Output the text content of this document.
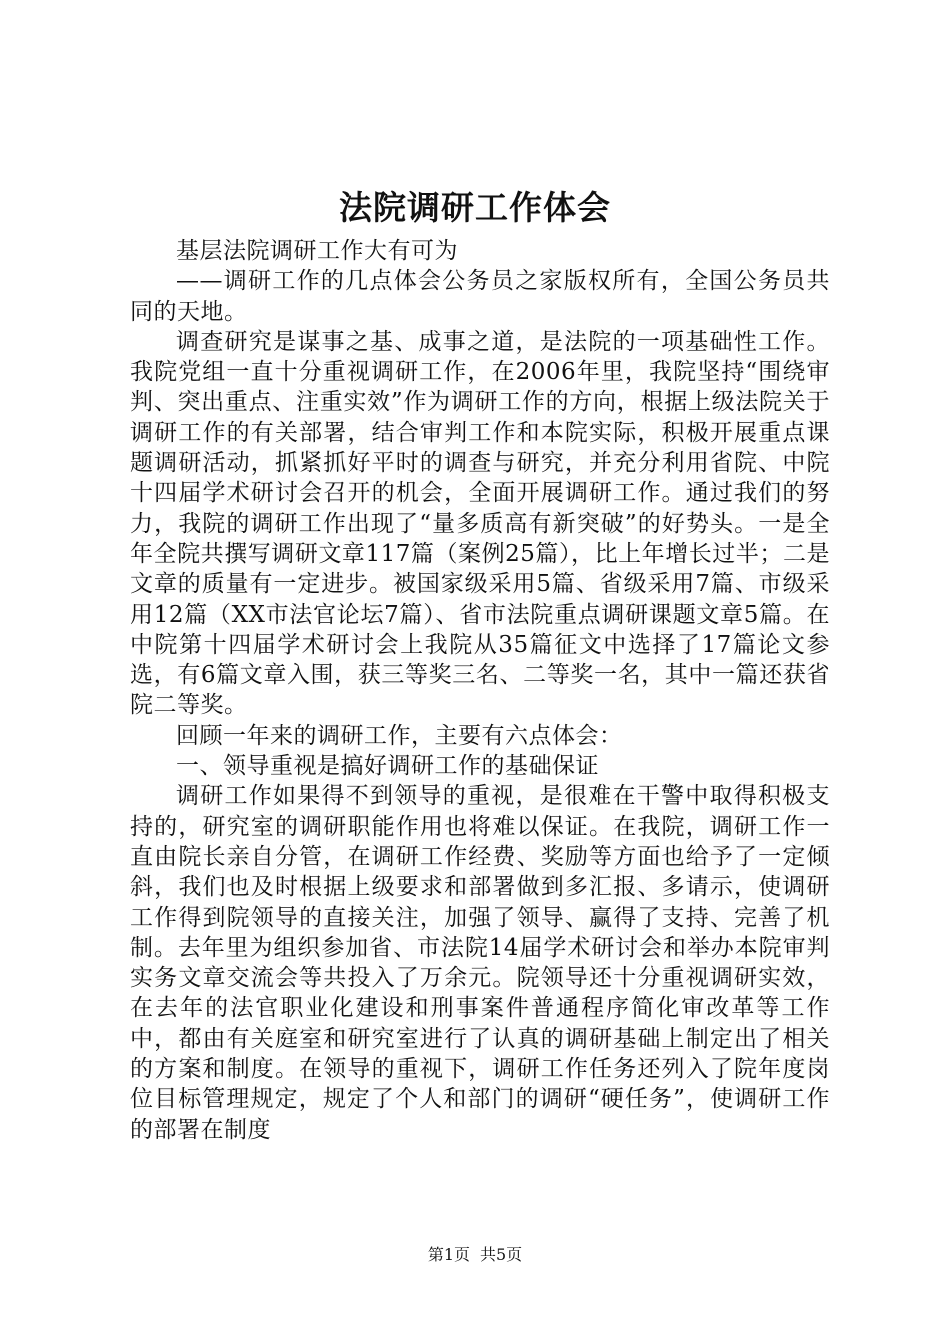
法院调研工作体会

基层法院调研工作大有可为

——调研工作的几点体会公务员之家版权所有，全国公务员共同的天地。

调查研究是谋事之基、成事之道，是法院的一项基础性工作。我院党组一直十分重视调研工作，在2006年里，我院坚持“围绕审判、突出重点、注重实效”作为调研工作的方向，根据上级法院关于调研工作的有关部署，结合审判工作和本院实际，积极开展重点课题调研活动，抓紧抓好平时的调查与研究，并充分利用省院、中院十四届学术研讨会召开的机会，全面开展调研工作。通过我们的努力，我院的调研工作出现了“量多质高有新突破”的好势头。一是全年全院共撰写调研文章117篇（案例25篇），比上年增长过半；二是文章的质量有一定进步。被国家级采用5篇、省级采用7篇、市级采用12篇（XX市法官论坛7篇）、省市法院重点调研课题文章5篇。在中院第十四届学术研讨会上我院从35篇征文中选择了17篇论文参选，有6篇文章入围，获三等奖三名、二等奖一名，其中一篇还获省院二等奖。

回顾一年来的调研工作，主要有六点体会：

一、领导重视是搞好调研工作的基础保证

调研工作如果得不到领导的重视，是很难在干警中取得积极支持的，研究室的调研职能作用也将难以保证。在我院，调研工作一直由院长亲自分管，在调研工作经费、奖励等方面也给予了一定倾斜，我们也及时根据上级要求和部署做到多汇报、多请示，使调研工作得到院领导的直接关注，加强了领导、赢得了支持、完善了机制。去年里为组织参加省、市法院14届学术研讨会和举办本院审判实务文章交流会等共投入了万余元。院领导还十分重视调研实效，在去年的法官职业化建设和刑事案件普通程序简化审改革等工作中，都由有关庭室和研究室进行了认真的调研基础上制定出了相关的方案和制度。在领导的重视下，调研工作任务还列入了院年度岗位目标管理规定，规定了个人和部门的调研“硬任务”，使调研工作的部署在制度

第1页 共5页
